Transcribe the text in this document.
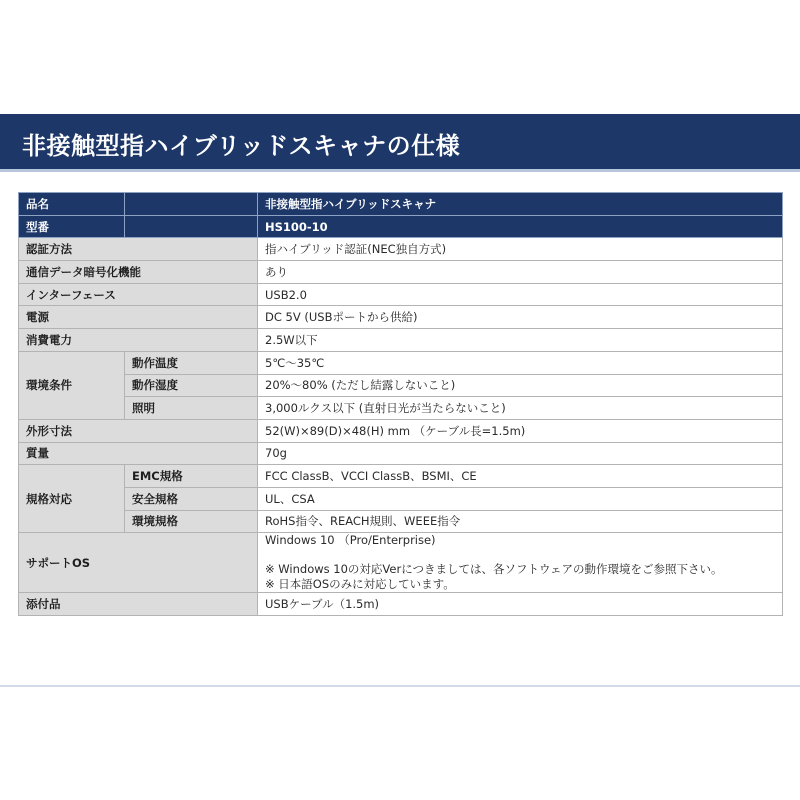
非接触型指ハイブリッドスキャナの仕様
品名		非接触型指ハイブリッドスキャナ
型番		HS100-10
認証方法		指ハイブリッド認証(NEC独自方式)
通信データ暗号化機能		あり
インターフェース		USB2.0
電源		DC 5V (USBポートから供給)
消費電力		2.5W以下
環境条件	動作温度	5℃～35℃
	動作湿度	20%～80% (ただし結露しないこと)
	照明	3,000ルクス以下 (直射日光が当たらないこと)
外形寸法		52(W)×89(D)×48(H) mm （ケーブル長=1.5m)
質量		70g
規格対応	EMC規格	FCC ClassB、VCCI ClassB、BSMI、CE
	安全規格	UL、CSA
	環境規格	RoHS指令、REACH規則、WEEE指令
サポートOS		Windows 10 （Pro/Enterprise)
※ Windows 10の対応Verにつきましては、各ソフトウェアの動作環境をご参照下さい。
※ 日本語OSのみに対応しています。

添付品		USBケーブル（1.5m)
